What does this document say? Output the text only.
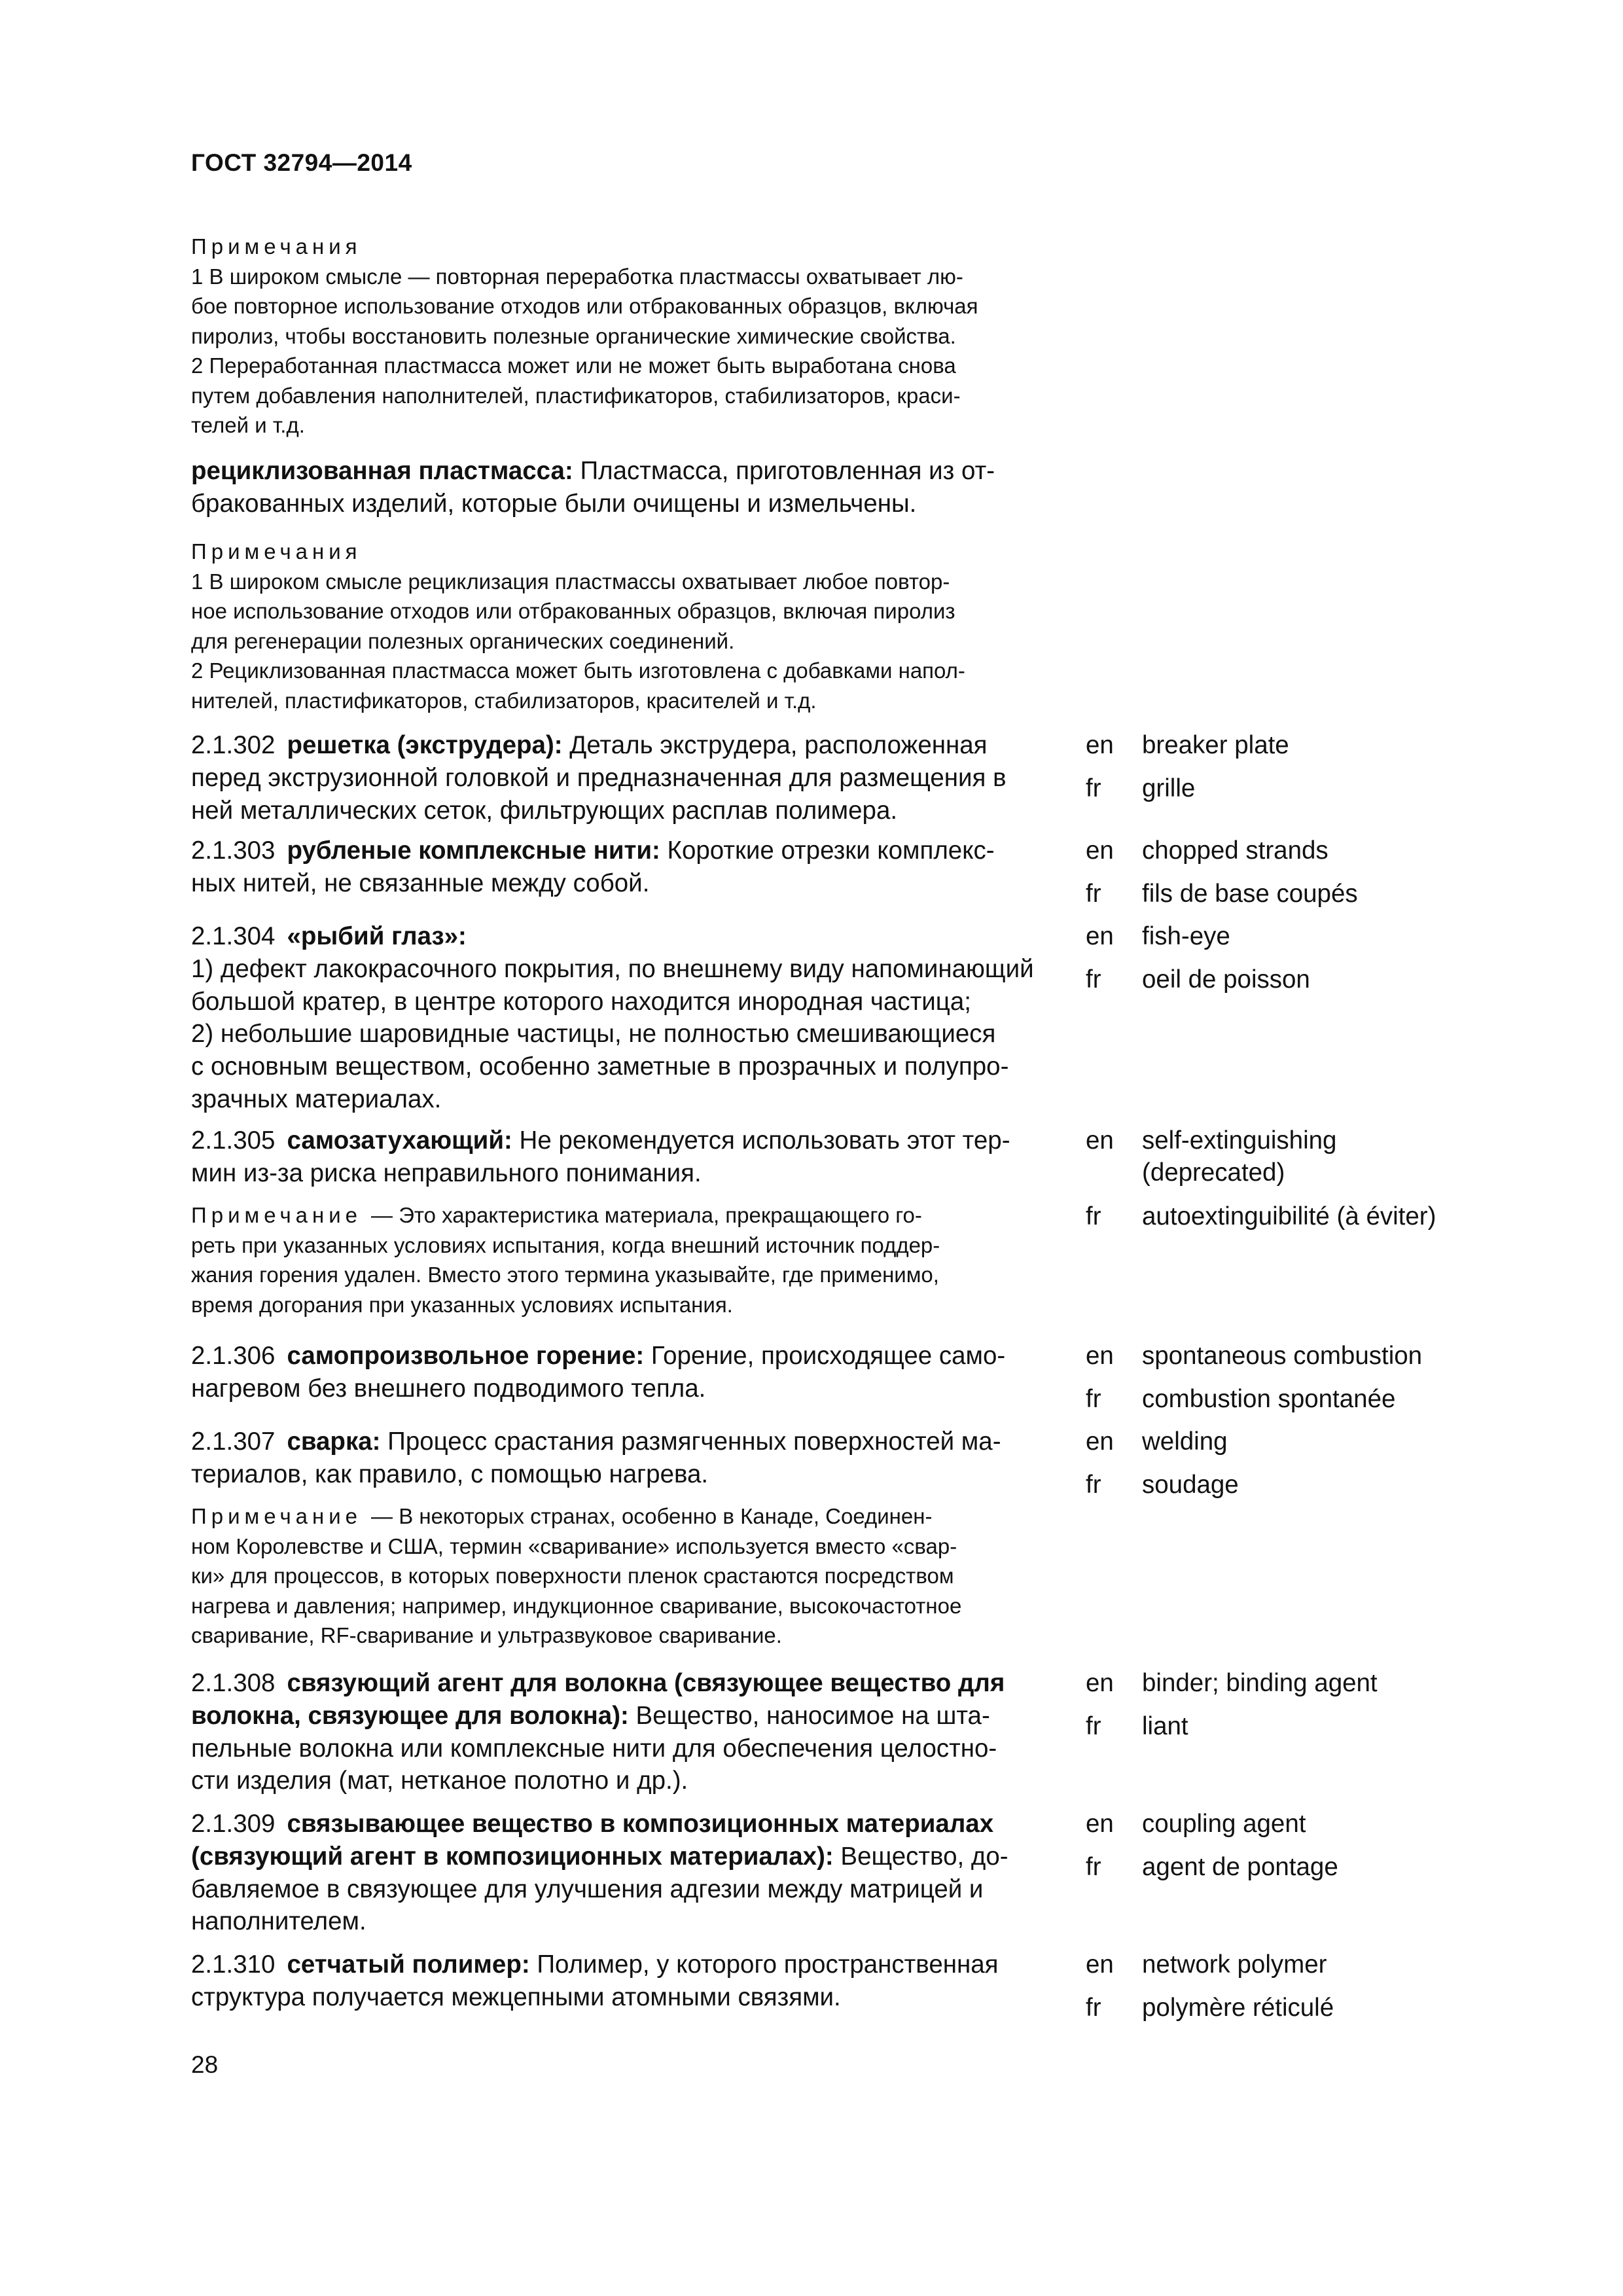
ГОСТ 32794—2014
Примечания
1 В широком смысле — повторная переработка пластмассы охватывает лю-
бое повторное использование отходов или отбракованных образцов, включая
пиролиз, чтобы восстановить полезные органические химические свойства.
2 Переработанная пластмасса может или не может быть выработана снова
путем добавления наполнителей, пластификаторов, стабилизаторов, краси-
телей и т.д.
рециклизованная пластмасса: Пластмасса, приготовленная из от-
бракованных изделий, которые были очищены и измельчены.
Примечания
1 В широком смысле рециклизация пластмассы охватывает любое повтор-
ное использование отходов или отбракованных образцов, включая пиролиз
для регенерации полезных органических соединений.
2 Рециклизованная пластмасса может быть изготовлена с добавками напол-
нителей, пластификаторов, стабилизаторов, красителей и т.д.
2.1.302 решетка (экструдера): Деталь экструдера, расположенная
перед экструзионной головкой и предназначенная для размещения в
ней металлических сеток, фильтрующих расплав полимера.
en breaker plate
fr grille
2.1.303 рубленые комплексные нити: Короткие отрезки комплекс-
ных нитей, не связанные между собой.
en chopped strands
fr fils de base coupés
2.1.304 «рыбий глаз»:
1) дефект лакокрасочного покрытия, по внешнему виду напоминающий
большой кратер, в центре которого находится инородная частица;
2) небольшие шаровидные частицы, не полностью смешивающиеся
с основным веществом, особенно заметные в прозрачных и полупро-
зрачных материалах.
en fish-eye
fr oeil de poisson
2.1.305 самозатухающий: Не рекомендуется использовать этот тер-
мин из-за риска неправильного понимания.
Примечание — Это характеристика материала, прекращающего го-
реть при указанных условиях испытания, когда внешний источник поддер-
жания горения удален. Вместо этого термина указывайте, где применимо,
время догорания при указанных условиях испытания.
en self-extinguishing
(deprecated)
fr autoextinguibilité (à éviter)
2.1.306 самопроизвольное горение: Горение, происходящее само-
нагревом без внешнего подводимого тепла.
en spontaneous combustion
fr combustion spontanée
2.1.307 сварка: Процесс срастания размягченных поверхностей ма-
териалов, как правило, с помощью нагрева.
Примечание — В некоторых странах, особенно в Канаде, Соединен-
ном Королевстве и США, термин «сваривание» используется вместо «свар-
ки» для процессов, в которых поверхности пленок срастаются посредством
нагрева и давления; например, индукционное сваривание, высокочастотное
сваривание, RF-сваривание и ультразвуковое сваривание.
en welding
fr soudage
2.1.308 связующий агент для волокна (связующее вещество для
волокна, связующее для волокна): Вещество, наносимое на шта-
пельные волокна или комплексные нити для обеспечения целостно-
сти изделия (мат, нетканое полотно и др.).
en binder; binding agent
fr liant
2.1.309 связывающее вещество в композиционных материалах
(связующий агент в композиционных материалах): Вещество, до-
бавляемое в связующее для улучшения адгезии между матрицей и
наполнителем.
en coupling agent
fr agent de pontage
2.1.310 сетчатый полимер: Полимер, у которого пространственная
структура получается межцепными атомными связями.
en network polymer
fr polymère réticulé
28
